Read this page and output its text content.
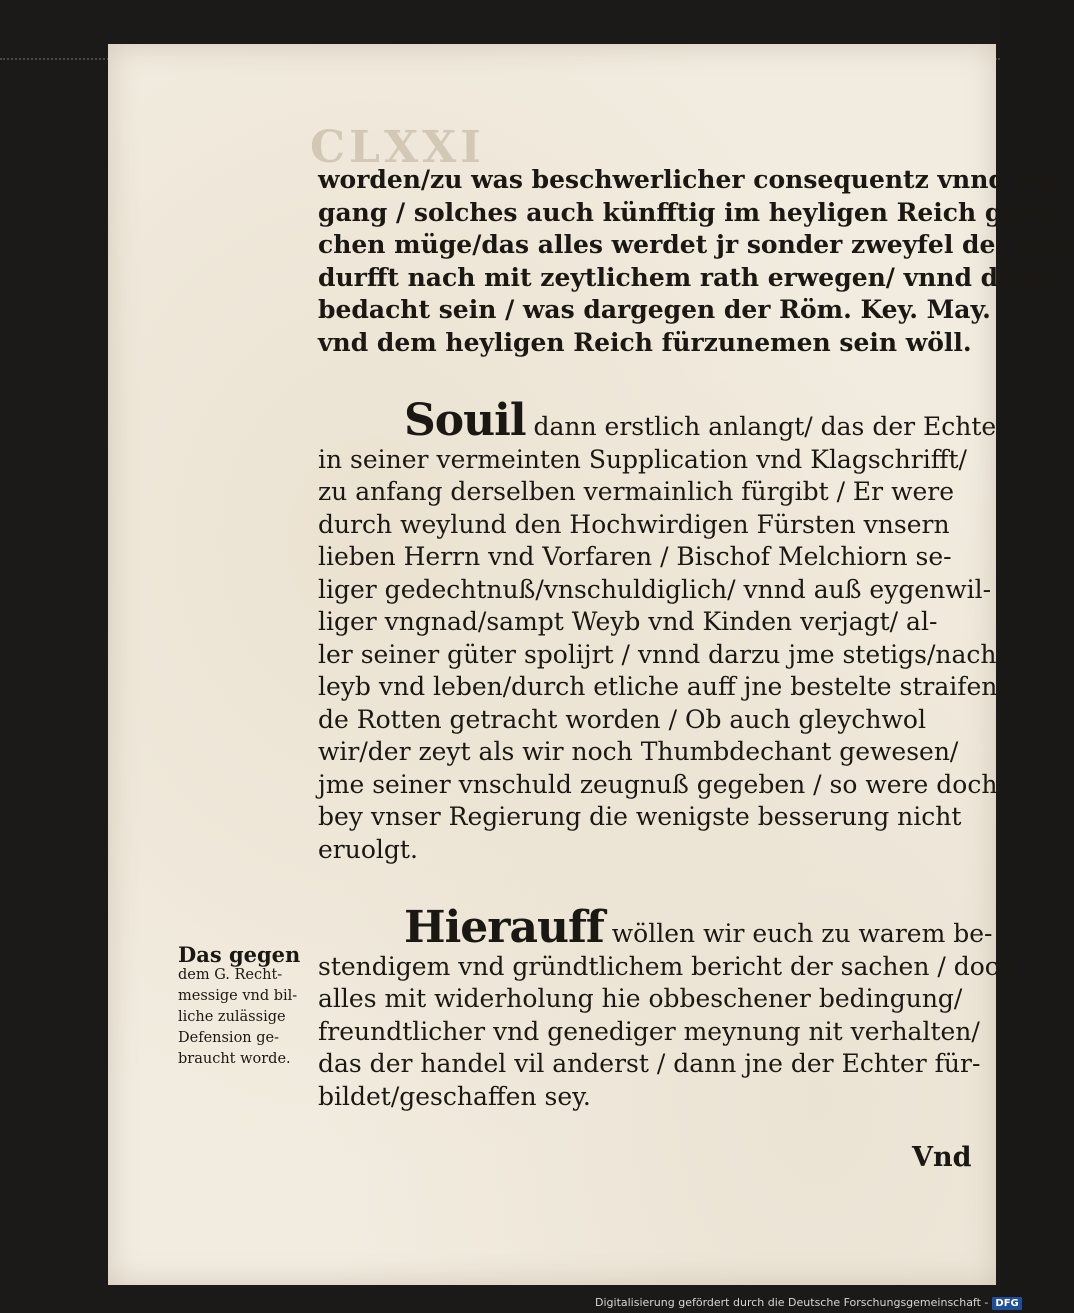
CLXXI

worden/zu was beschwerlicher consequentz vnnd ein-
gang / solches auch künfftig im heyligen Reich gerey-
chen müge/das alles werdet jr sonder zweyfel der not-
durfft nach mit zeytlichem rath erwegen/ vnnd dahin
bedacht sein / was dargegen der Röm. Key. Мay.
vnd dem heyligen Reich fürzunemen sein wöll.

Souil dann erstlich anlangt/ das der Echter
in seiner vermeinten Supplication vnd Klagschrifft/
zu anfang derselben vermainlich fürgibt / Er were
durch weylund den Hochwirdigen Fürsten vnsern
lieben Herrn vnd Vorfaren / Bischof Melchiorn se-
liger gedechtnuß/vnschuldiglich/ vnnd auß eygenwil-
liger vngnad/sampt Weyb vnd Kinden verjagt/ al-
ler seiner güter spolijrt / vnnd darzu jme stetigs/nach
leyb vnd leben/durch etliche auff jne bestelte straifen-
de Rotten getracht worden / Ob auch gleychwol
wir/der zeyt als wir noch Thumbdechant gewesen/
jme seiner vnschuld zeugnuß gegeben / so were doch
bey vnser Regierung die wenigste besserung nicht
eruolgt.

Hierauff wöllen wir euch zu warem be-
stendigem vnd gründtlichem bericht der sachen / doch
alles mit widerholung hie obbeschener bedingung/
freundtlicher vnd genediger meynung nit verhalten/
das der handel vil anderst / dann jne der Echter für-
bildet/geschaffen sey.

Das gegen
dem G. Recht-
messige vnd bil-
liche zulässige
Defension ge-
braucht worde.
Vnd
Digitalisierung gefördert durch die Deutsche Forschungsgemeinschaft - DFG
